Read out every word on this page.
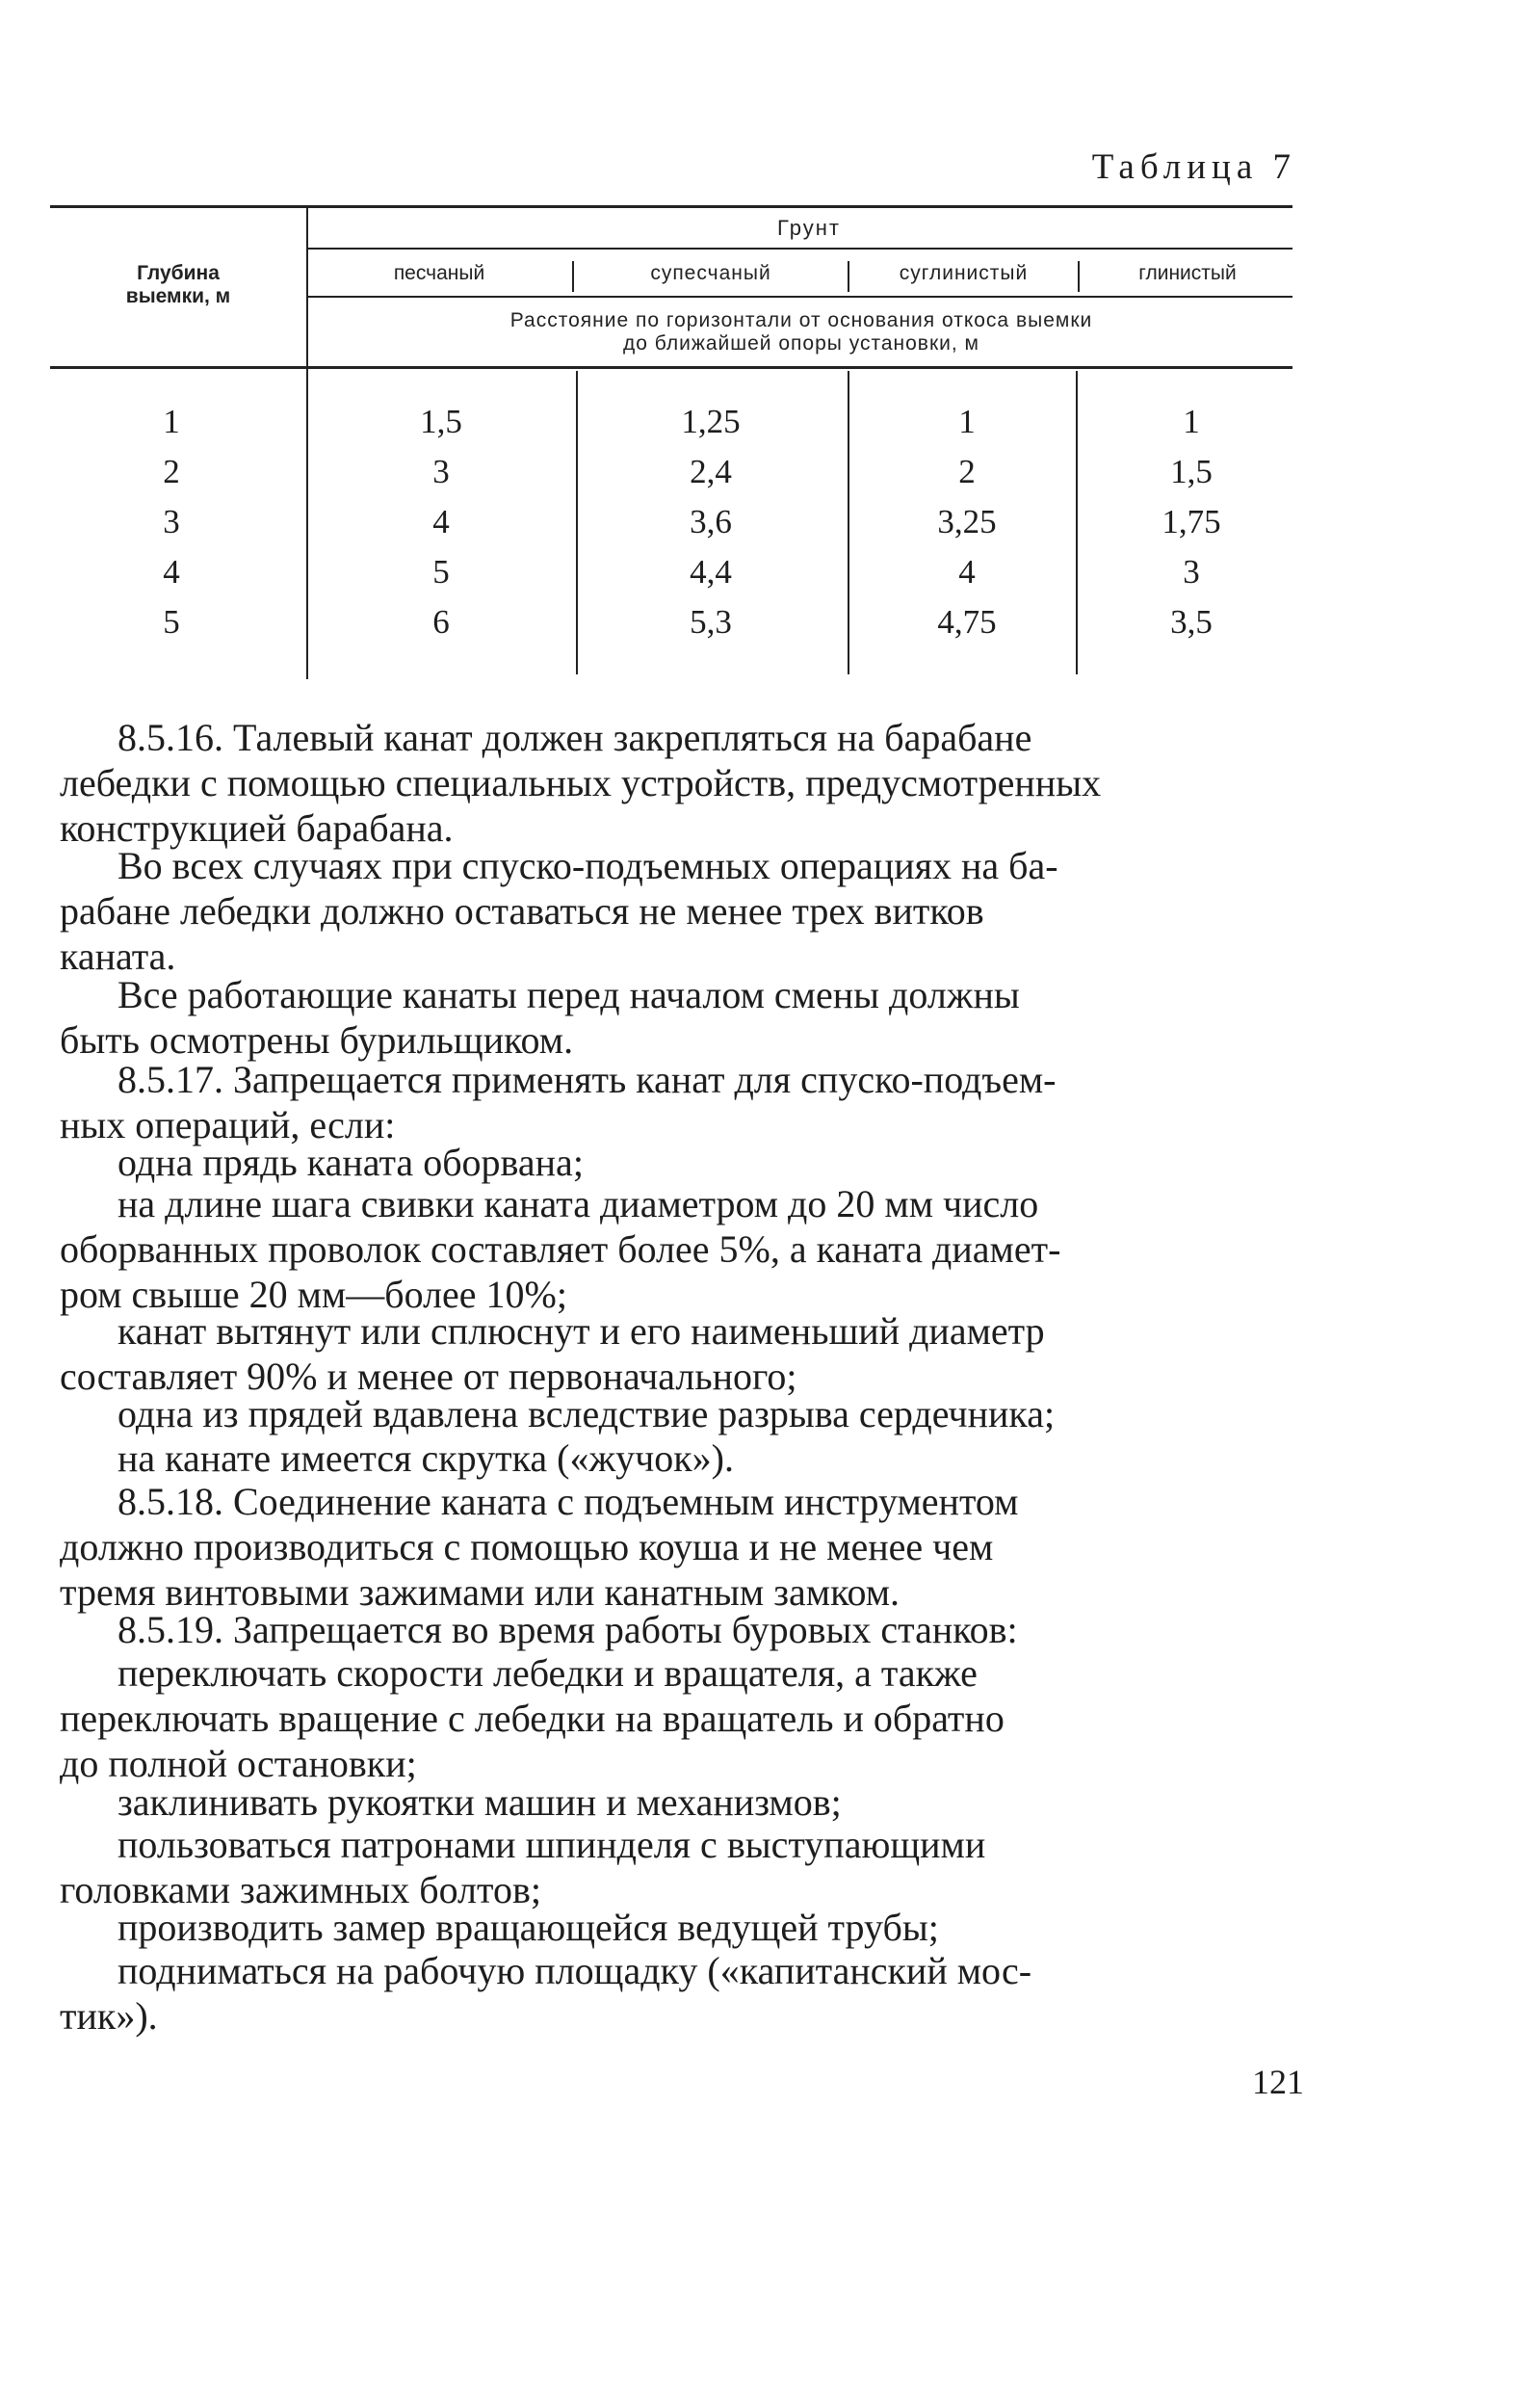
Таблица 7
Глубина
выемки, м
Грунт
песчаный	супесчаный	суглинистый	глинистый
Расстояние по горизонтали от основания откоса выемки
до ближайшей опоры установки, м
1	1,5	1,25	1	1
2	3	2,4	2	1,5
3	4	3,6	3,25	1,75
4	5	4,4	4	3
5	6	5,3	4,75	3,5

8.5.16. Талевый канат должен закрепляться на барабане
лебедки с помощью специальных устройств, предусмотренных
конструкцией барабана.

Во всех случаях при спуско-подъемных операциях на ба-
рабане лебедки должно оставаться не менее трех витков
каната.

Все работающие канаты перед началом смены должны
быть осмотрены бурильщиком.

8.5.17. Запрещается применять канат для спуско-подъем-
ных операций, если:

одна прядь каната оборвана;

на длине шага свивки каната диаметром до 20 мм число
оборванных проволок составляет более 5%, а каната диамет-
ром свыше 20 мм—более 10%;

канат вытянут или сплюснут и его наименьший диаметр
составляет 90% и менее от первоначального;

одна из прядей вдавлена вследствие разрыва сердечника;

на канате имеется скрутка («жучок»).

8.5.18. Соединение каната с подъемным инструментом
должно производиться с помощью коуша и не менее чем
тремя винтовыми зажимами или канатным замком.

8.5.19. Запрещается во время работы буровых станков:

переключать скорости лебедки и вращателя, а также
переключать вращение с лебедки на вращатель и обратно
до полной остановки;

заклинивать рукоятки машин и механизмов;

пользоваться патронами шпинделя с выступающими
головками зажимных болтов;

производить замер вращающейся ведущей трубы;

подниматься на рабочую площадку («капитанский мос-
тик»).

121
